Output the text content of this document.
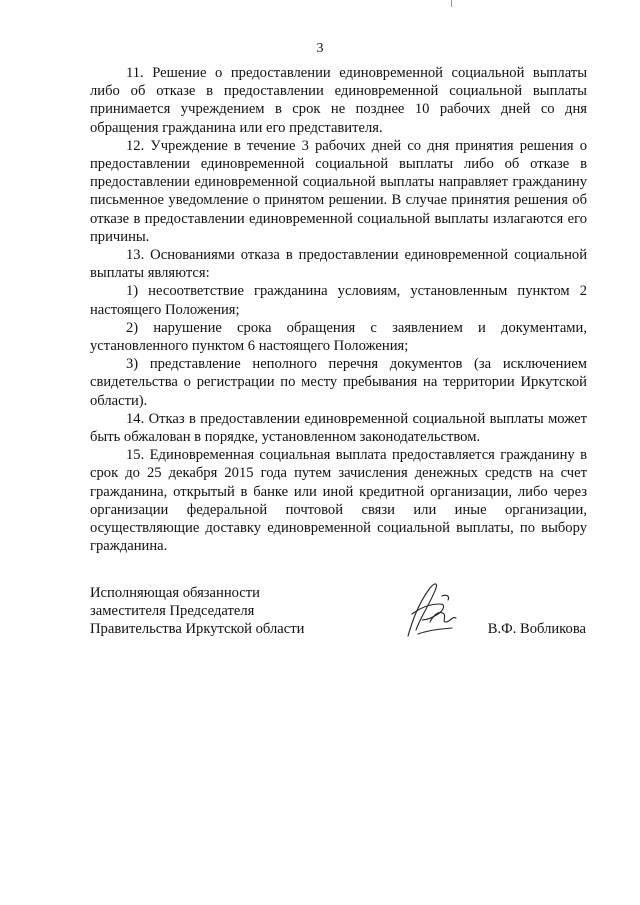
3

11. Решение о предоставлении единовременной социальной выплаты либо об отказе в предоставлении единовременной социальной выплаты принимается учреждением в срок не позднее 10 рабочих дней со дня обращения гражданина или его представителя.

12. Учреждение в течение 3 рабочих дней со дня принятия решения о предоставлении единовременной социальной выплаты либо об отказе в предоставлении единовременной социальной выплаты направляет гражданину письменное уведомление о принятом решении. В случае принятия решения об отказе в предоставлении единовременной социальной выплаты излагаются его причины.

13. Основаниями отказа в предоставлении единовременной социальной выплаты являются:

1) несоответствие гражданина условиям, установленным пунктом 2 настоящего Положения;

2) нарушение срока обращения с заявлением и документами, установленного пунктом 6 настоящего Положения;

3) представление неполного перечня документов (за исключением свидетельства о регистрации по месту пребывания на территории Иркутской области).

14. Отказ в предоставлении единовременной социальной выплаты может быть обжалован в порядке, установленном законодательством.

15. Единовременная социальная выплата предоставляется гражданину в срок до 25 декабря 2015 года путем зачисления денежных средств на счет гражданина, открытый в банке или иной кредитной организации, либо через организации федеральной почтовой связи или иные организации, осуществляющие доставку единовременной социальной выплаты, по выбору гражданина.

Исполняющая обязанности
заместителя Председателя
Правительства Иркутской области	В.Ф. Вобликова
